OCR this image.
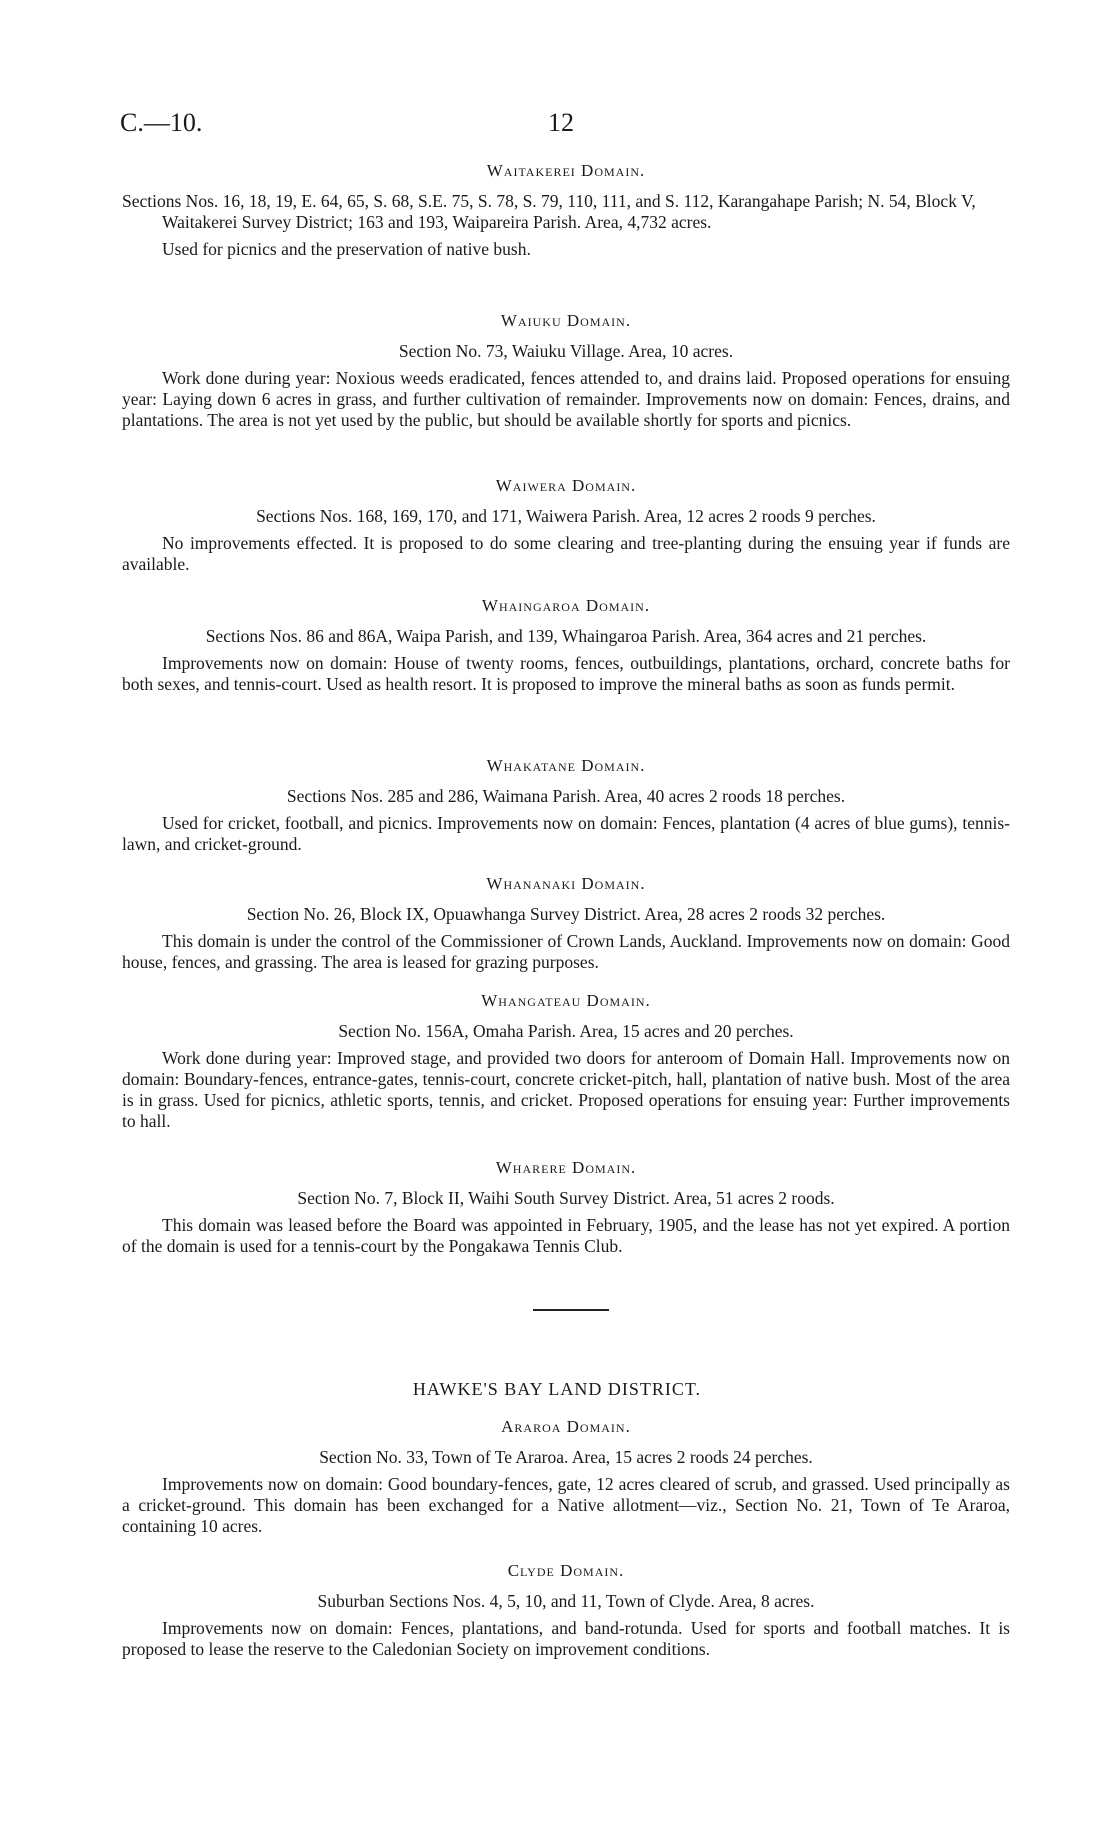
C.—10.	12
Waitakerei Domain.
Sections Nos. 16, 18, 19, E. 64, 65, S. 68, S.E. 75, S. 78, S. 79, 110, 111, and S. 112, Karangahape Parish; N. 54, Block V, Waitakerei Survey District; 163 and 193, Waipareira Parish. Area, 4,732 acres.
Used for picnics and the preservation of native bush.
Waiuku Domain.
Section No. 73, Waiuku Village. Area, 10 acres.
Work done during year: Noxious weeds eradicated, fences attended to, and drains laid. Proposed operations for ensuing year: Laying down 6 acres in grass, and further cultivation of remainder. Improvements now on domain: Fences, drains, and plantations. The area is not yet used by the public, but should be available shortly for sports and picnics.
Waiwera Domain.
Sections Nos. 168, 169, 170, and 171, Waiwera Parish. Area, 12 acres 2 roods 9 perches.
No improvements effected. It is proposed to do some clearing and tree-planting during the ensuing year if funds are available.
Whaingaroa Domain.
Sections Nos. 86 and 86A, Waipa Parish, and 139, Whaingaroa Parish. Area, 364 acres and 21 perches.
Improvements now on domain: House of twenty rooms, fences, outbuildings, plantations, orchard, concrete baths for both sexes, and tennis-court. Used as health resort. It is proposed to improve the mineral baths as soon as funds permit.
Whakatane Domain.
Sections Nos. 285 and 286, Waimana Parish. Area, 40 acres 2 roods 18 perches.
Used for cricket, football, and picnics. Improvements now on domain: Fences, plantation (4 acres of blue gums), tennis-lawn, and cricket-ground.
Whananaki Domain.
Section No. 26, Block IX, Opuawhanga Survey District. Area, 28 acres 2 roods 32 perches.
This domain is under the control of the Commissioner of Crown Lands, Auckland. Improvements now on domain: Good house, fences, and grassing. The area is leased for grazing purposes.
Whangateau Domain.
Section No. 156A, Omaha Parish. Area, 15 acres and 20 perches.
Work done during year: Improved stage, and provided two doors for anteroom of Domain Hall. Improvements now on domain: Boundary-fences, entrance-gates, tennis-court, concrete cricket-pitch, hall, plantation of native bush. Most of the area is in grass. Used for picnics, athletic sports, tennis, and cricket. Proposed operations for ensuing year: Further improvements to hall.
Wharere Domain.
Section No. 7, Block II, Waihi South Survey District. Area, 51 acres 2 roods.
This domain was leased before the Board was appointed in February, 1905, and the lease has not yet expired. A portion of the domain is used for a tennis-court by the Pongakawa Tennis Club.
HAWKE'S BAY LAND DISTRICT.
Araroa Domain.
Section No. 33, Town of Te Araroa. Area, 15 acres 2 roods 24 perches.
Improvements now on domain: Good boundary-fences, gate, 12 acres cleared of scrub, and grassed. Used principally as a cricket-ground. This domain has been exchanged for a Native allotment—viz., Section No. 21, Town of Te Araroa, containing 10 acres.
Clyde Domain.
Suburban Sections Nos. 4, 5, 10, and 11, Town of Clyde. Area, 8 acres.
Improvements now on domain: Fences, plantations, and band-rotunda. Used for sports and football matches. It is proposed to lease the reserve to the Caledonian Society on improvement conditions.
